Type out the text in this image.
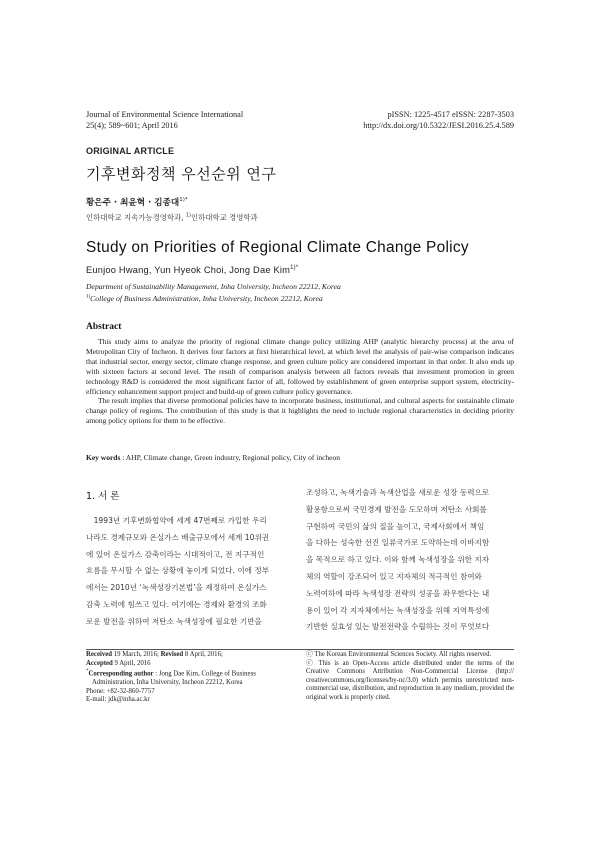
Journal of Environmental Science International
25(4); 589~601; April 2016
pISSN: 1225-4517 eISSN: 2287-3503
http://dx.doi.org/10.5322/JESI.2016.25.4.589
ORIGINAL ARTICLE
기후변화정책 우선순위 연구
황은주 · 최윤혁 · 김종대$^{1)*}$
인하대학교 지속가능경영학과, $^{1)}$인하대학교 경영학과
Study on Priorities of Regional Climate Change Policy
Eunjoo Hwang, Yun Hyeok Choi, Jong Dae Kim$^{1)*}$
Department of Sustainability Management, Inha University, Incheon 22212, Korea
$^{1)}$College of Business Administration, Inha University, Incheon 22212, Korea
Abstract

This study aims to analyze the priority of regional climate change policy utilizing AHP (analytic hierarchy process) at the area of Metropolitan City of Incheon. It derives four factors at first hierarchical level, at which level the analysis of pair-wise comparison indicates that industrial sector, energy sector, climate change response, and green culture policy are considered important in that order. It also ends up with sixteen factors at second level. The result of comparison analysis between all factors reveals that investment promotion in green technology R&D is considered the most significant factor of all, followed by establishment of green enterprise support system, electricity-efficiency enhancement support project and build-up of green culture policy governance.

The result implies that diverse promotional policies have to incorporate business, institutional, and cultural aspects for sustainable climate change policy of regions. The contribution of this study is that it highlights the need to include regional characteristics in deciding priority among policy options for them to be effective.

Key words : AHP, Climate change, Green industry, Regional policy, City of incheon
1. 서 론
　1993년 기후변화협약에 세계 47번째로 가입한 우리
나라도 경제규모와 온실가스 배출규모에서 세계 10위권
에 있어 온실가스 감축이라는 시대적이고, 전 지구적인
흐름을 무시할 수 없는 상황에 놓이게 되었다. 이에 정부
에서는 2010년 ‘녹색성장기본법’을 제정하여 온실가스
감축 노력에 힘쓰고 있다. 여기에는 경제와 환경의 조화
로운 발전을 위하여 저탄소 녹색성장에 필요한 기반을
조성하고, 녹색기술과 녹색산업을 새로운 성장 동력으로
활용함으로써 국민경제 발전을 도모하며 저탄소 사회를
구현하여 국민의 삶의 질을 높이고, 국제사회에서 책임
을 다하는 성숙한 선진 일류국가로 도약하는데 이바지함
을 목적으로 하고 있다. 이와 함께 녹색성장을 위한 지자
체의 역할이 강조되어 있고 지자체의 적극적인 참여와
노력여하에 따라 녹색성장 전략의 성공을 좌우한다는 내
용이 있어 각 지자체에서는 녹색성장을 위해 지역특성에
기반한 실효성 있는 발전전략을 수립하는 것이 무엇보다
Received 19 March, 2016; Revised 8 April, 2016;
Accepted 9 April, 2016
*Corresponding author : Jong Dae Kim, College of Business
Administration, Inha University, Incheon 22212, Korea
Phone: +82-32-860-7757
E-mail: jdk@inha.ac.kr
ⓒ The Korean Environmental Sciences Society. All rights reserved.
ⓒ This is an Open-Access article distributed under the terms of the Creative Commons Attribution Non-Commercial License (http:// creativecommons.org/licenses/by-nc/3.0) which permits unrestricted non-commercial use, distribution, and reproduction in any medium, provided the original work is properly cited.
